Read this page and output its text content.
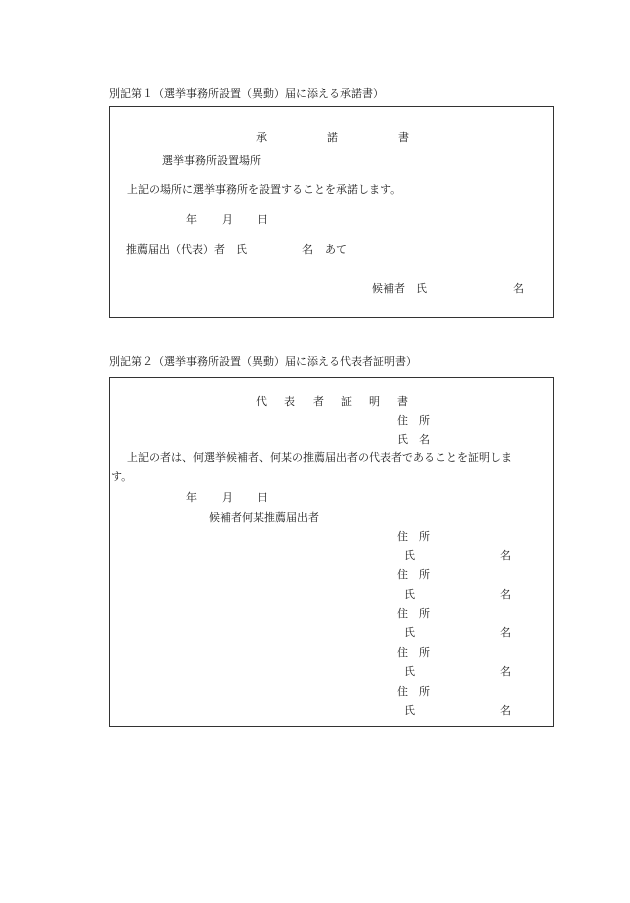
別記第１（選挙事務所設置（異動）届に添える承諾書）
承	諾	書
選挙事務所設置場所
上記の場所に選挙事務所を設置することを承諾します。
年 月 日
推薦届出（代表）者　氏	名 あて
候補者　氏	名
別記第２（選挙事務所設置（異動）届に添える代表者証明書）
代 表 者 証 明 書
住　所
氏　名
上記の者は、何選挙候補者、何某の推薦届出者の代表者であることを証明しま
す。
年 月 日
候補者何某推薦届出者
住　所
氏	名
住　所
氏	名
住　所
氏	名
住　所
氏	名
住　所
氏	名
